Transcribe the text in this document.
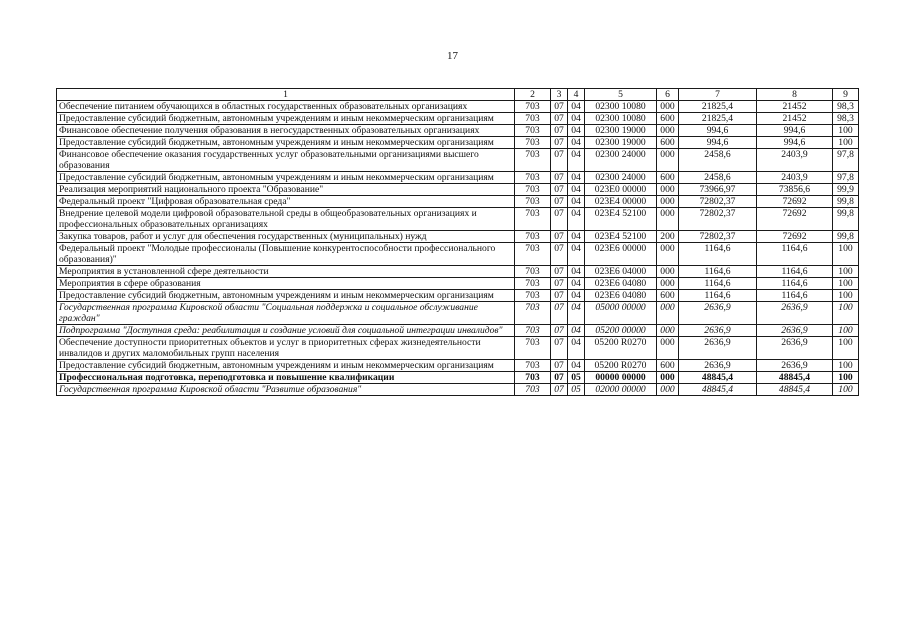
17
1	2	3	4	5	6	7	8	9
Обеспечение питанием обучающихся в областных государственных образовательных организациях	703	07	04	02300 10080	000	21825,4	21452	98,3
Предоставление субсидий бюджетным, автономным учреждениям и иным некоммерческим организациям	703	07	04	02300 10080	600	21825,4	21452	98,3
Финансовое обеспечение получения образования в негосударственных образовательных организациях	703	07	04	02300 19000	000	994,6	994,6	100
Предоставление субсидий бюджетным, автономным учреждениям и иным некоммерческим организациям	703	07	04	02300 19000	600	994,6	994,6	100
Финансовое обеспечение оказания государственных услуг образовательными организациями высшего образования	703	07	04	02300 24000	000	2458,6	2403,9	97,8
Предоставление субсидий бюджетным, автономным учреждениям и иным некоммерческим организациям	703	07	04	02300 24000	600	2458,6	2403,9	97,8
Реализация мероприятий национального проекта "Образование"	703	07	04	023E0 00000	000	73966,97	73856,6	99,9
Федеральный проект "Цифровая образовательная среда"	703	07	04	023E4 00000	000	72802,37	72692	99,8
Внедрение целевой модели цифровой образовательной среды в общеобразовательных организациях и профессиональных образовательных организациях	703	07	04	023E4 52100	000	72802,37	72692	99,8
Закупка товаров, работ и услуг для обеспечения государственных (муниципальных) нужд	703	07	04	023E4 52100	200	72802,37	72692	99,8
Федеральный проект "Молодые профессионалы (Повышение конкурентоспособности профессионального образования)"	703	07	04	023E6 00000	000	1164,6	1164,6	100
Мероприятия в установленной сфере деятельности	703	07	04	023E6 04000	000	1164,6	1164,6	100
Мероприятия в сфере образования	703	07	04	023E6 04080	000	1164,6	1164,6	100
Предоставление субсидий бюджетным, автономным учреждениям и иным некоммерческим организациям	703	07	04	023E6 04080	600	1164,6	1164,6	100
Государственная программа Кировской области "Социальная поддержка и социальное обслуживание граждан"	703	07	04	05000 00000	000	2636,9	2636,9	100
Подпрограмма "Доступная среда: реабилитация и создание условий для социальной интеграции инвалидов"	703	07	04	05200 00000	000	2636,9	2636,9	100
Обеспечение доступности приоритетных объектов и услуг в приоритетных сферах жизнедеятельности инвалидов и других маломобильных групп населения	703	07	04	05200 R0270	000	2636,9	2636,9	100
Предоставление субсидий бюджетным, автономным учреждениям и иным некоммерческим организациям	703	07	04	05200 R0270	600	2636,9	2636,9	100
Профессиональная подготовка, переподготовка и повышение квалификации	703	07	05	00000 00000	000	48845,4	48845,4	100
Государственная программа Кировской области "Развитие образования"	703	07	05	02000 00000	000	48845,4	48845,4	100
